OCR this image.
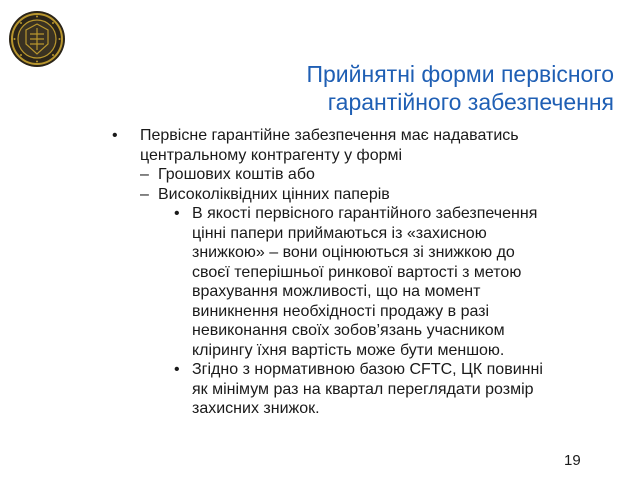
Прийнятні форми первісного
гарантійного забезпечення
• Первісне гарантійне забезпечення має надаватись
центральному контрагенту у формі
– Грошових коштів або
– Високоліквідних цінних паперів
• В якості первісного гарантійного забезпечення
цінні папери приймаються із «захисною
знижкою» – вони оцінюються зі знижкою до
своєї теперішньої ринкової вартості з метою
врахування можливості, що на момент
виникнення необхідності продажу в разі
невиконання своїх зобов’язань учасником
клірингу їхня вартість може бути меншою.
• Згідно з нормативною базою CFTC, ЦК повинні
як мінімум раз на квартал переглядати розмір
захисних знижок.
19
